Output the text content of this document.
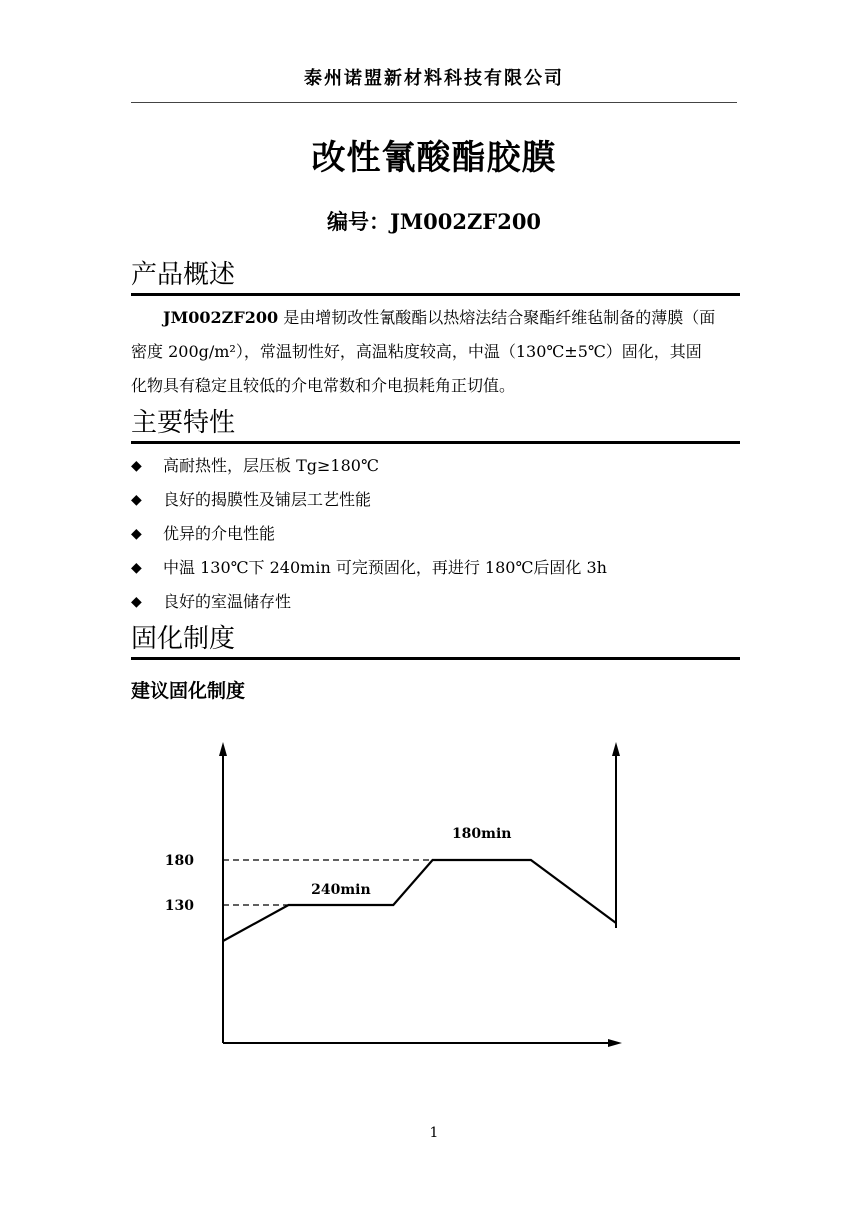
泰州诺盟新材料科技有限公司
改性氰酸酯胶膜
编号：JM002ZF200
产品概述
JM002ZF200 是由增韧改性氰酸酯以热熔法结合聚酯纤维毡制备的薄膜（面
密度 200g/m²），常温韧性好，高温粘度较高，中温（130℃±5℃）固化，其固
化物具有稳定且较低的介电常数和介电损耗角正切值。
主要特性
◆	高耐热性，层压板 Tg≥180℃
◆	良好的揭膜性及铺层工艺性能
◆	优异的介电性能
◆	中温 130℃下 240min 可完预固化，再进行 180℃后固化 3h
◆	良好的室温储存性
固化制度
建议固化制度
180
130
240min
180min
1
